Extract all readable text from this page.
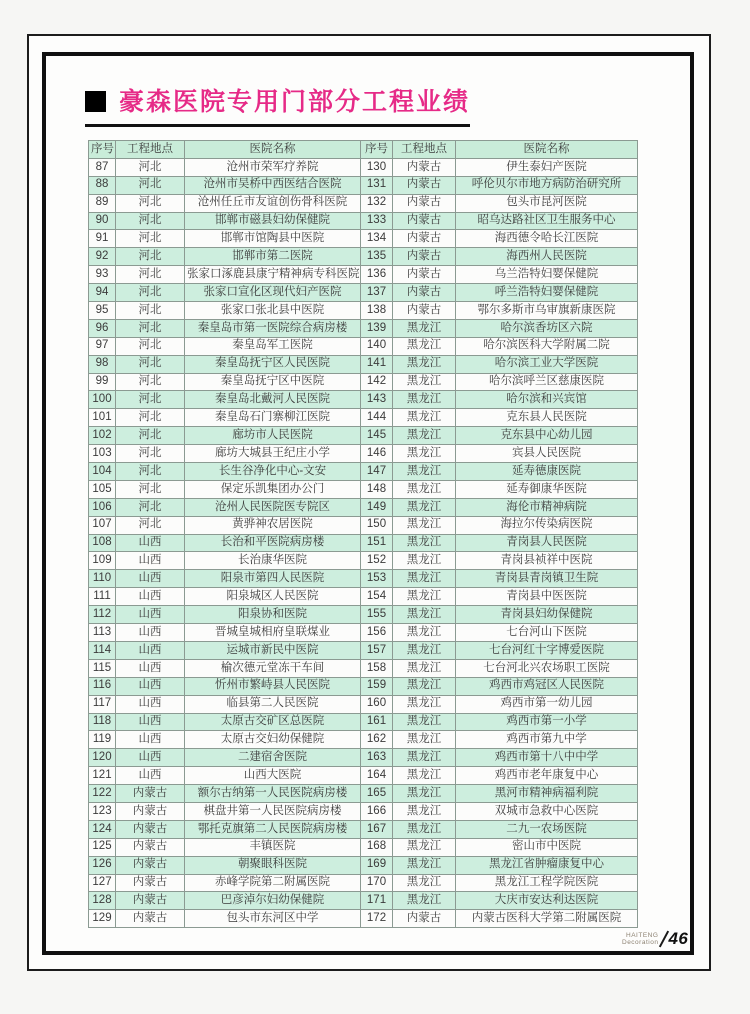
豪森医院专用门部分工程业绩
序号	工程地点	医院名称
87	河北	沧州市荣军疗养院
88	河北	沧州市吴桥中西医结合医院
89	河北	沧州任丘市友谊创伤骨科医院
90	河北	邯郸市磁县妇幼保健院
91	河北	邯郸市馆陶县中医院
92	河北	邯郸市第二医院
93	河北	张家口涿鹿县康宁精神病专科医院
94	河北	张家口宣化区现代妇产医院
95	河北	张家口张北县中医院
96	河北	秦皇岛市第一医院综合病房楼
97	河北	秦皇岛军工医院
98	河北	秦皇岛抚宁区人民医院
99	河北	秦皇岛抚宁区中医院
100	河北	秦皇岛北戴河人民医院
101	河北	秦皇岛石门寨柳江医院
102	河北	廊坊市人民医院
103	河北	廊坊大城县王纪庄小学
104	河北	长生谷净化中心-文安
105	河北	保定乐凯集团办公门
106	河北	沧州人民医院医专院区
107	河北	黄骅神农居医院
108	山西	长治和平医院病房楼
109	山西	长治康华医院
110	山西	阳泉市第四人民医院
111	山西	阳泉城区人民医院
112	山西	阳泉协和医院
113	山西	晋城皇城相府皇联煤业
114	山西	运城市新民中医院
115	山西	榆次德元堂冻干车间
116	山西	忻州市繁峙县人民医院
117	山西	临县第二人民医院
118	山西	太原古交矿区总医院
119	山西	太原古交妇幼保健院
120	山西	二建宿舍医院
121	山西	山西大医院
122	内蒙古	额尔古纳第一人民医院病房楼
123	内蒙古	棋盘井第一人民医院病房楼
124	内蒙古	鄂托克旗第二人民医院病房楼
125	内蒙古	丰镇医院
126	内蒙古	朝聚眼科医院
127	内蒙古	赤峰学院第二附属医院
128	内蒙古	巴彦淖尔妇幼保健院
129	内蒙古	包头市东河区中学
序号	工程地点	医院名称
130	内蒙古	伊生泰妇产医院
131	内蒙古	呼伦贝尔市地方病防治研究所
132	内蒙古	包头市昆河医院
133	内蒙古	昭乌达路社区卫生服务中心
134	内蒙古	海西德令哈长江医院
135	内蒙古	海西州人民医院
136	内蒙古	乌兰浩特妇婴保健院
137	内蒙古	呼兰浩特妇婴保健院
138	内蒙古	鄂尔多斯市乌审旗新康医院
139	黑龙江	哈尔滨香坊区六院
140	黑龙江	哈尔滨医科大学附属二院
141	黑龙江	哈尔滨工业大学医院
142	黑龙江	哈尔滨呼兰区慈康医院
143	黑龙江	哈尔滨和兴宾馆
144	黑龙江	克东县人民医院
145	黑龙江	克东县中心幼儿园
146	黑龙江	宾县人民医院
147	黑龙江	延寿德康医院
148	黑龙江	延寿御康华医院
149	黑龙江	海伦市精神病院
150	黑龙江	海拉尔传染病医院
151	黑龙江	青岗县人民医院
152	黑龙江	青岗县祯祥中医院
153	黑龙江	青岗县青岗镇卫生院
154	黑龙江	青岗县中医医院
155	黑龙江	青岗县妇幼保健院
156	黑龙江	七台河山下医院
157	黑龙江	七台河红十字博爱医院
158	黑龙江	七台河北兴农场职工医院
159	黑龙江	鸡西市鸡冠区人民医院
160	黑龙江	鸡西市第一幼儿园
161	黑龙江	鸡西市第一小学
162	黑龙江	鸡西市第九中学
163	黑龙江	鸡西市第十八中中学
164	黑龙江	鸡西市老年康复中心
165	黑龙江	黑河市精神病福利院
166	黑龙江	双城市急救中心医院
167	黑龙江	二九一农场医院
168	黑龙江	密山市中医院
169	黑龙江	黑龙江省肿瘤康复中心
170	黑龙江	黑龙江工程学院医院
171	黑龙江	大庆市安达利达医院
172	内蒙古	内蒙古医科大学第二附属医院
HAITENG
Decoration 46
